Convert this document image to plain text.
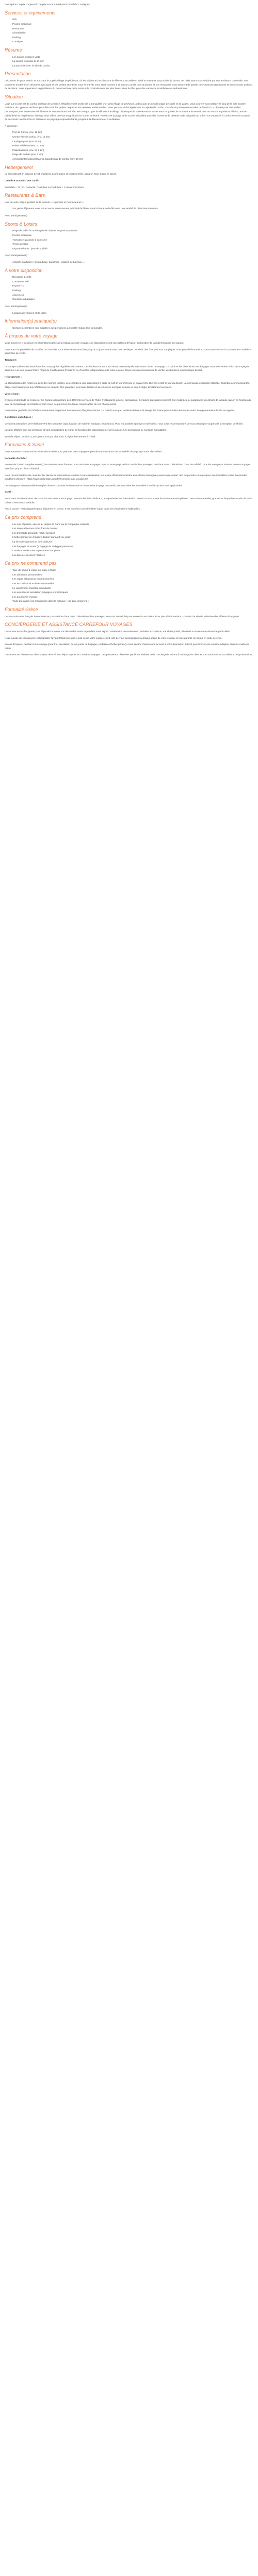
Description Ce prix comprend : Ce prix ne comprend pas Formalités Consignes

Services et équipements
• Wifi
• Piscine extérieure
• Restaurant
• Climatisation
• Parking
• Consigne
Résumé
• Les grands espaces verts
• La cuisine tropicale de la mer
• La proximité avec la ville de Corfou
Présentation

Découvrez le Ipsos Beach 3*! Au cœur d'un petit village de pêcheurs, où les oliviers et l'architecture de l'île vous accueillent, situé au calme et tout proche de la mer, cet hôtel saura vous séduire par son ambiance conviviale. Ses chambres modernes et décorées avec goût et ses petites attentions vous feront vite vous sentir comme à la maison, tandis que sa piscine et son restaurant vous assurent de passer des vacances reposantes et savoureuses au bord de la Grèce. Vous apprécierez la gentillesse du personnel aux petits soins et la proximité avec les plus beaux sites de l'île, pour des vacances inoubliables et authentiques.

Situation

Logé sur la côte Est de Corfou au large de la Grèce, l'établissement profite de la tranquillité d'un petit village de pêcheurs, à deux pas d'une jolie plage de sable et de galets. Vous pourrez vous balader le long de la côte bordée d'oliviers, de cyprès et de fleurs pour découvrir les petites criques et les tavernes traditionnelles. Vous pourrez visiter également la capitale de Corfou, classée au patrimoine mondial de l'UNESCO, réputée pour ses ruelles pittoresques, ses forteresses vénitiennes et son ambiance animée. Ne manquez pas de découvrir le village pittoresque de Paleokastritsa et ses eaux turquoise, le monastère de Pantokrator ou encore le palais Achilleion, ancien palais d'été de l'impératrice Sissi qui vous offrira une vue magnifique sur la mer Ionienne. Profitez de la plage et de sa mer cristalline pour des moments de détente et de baignade au soleil. Vos vacances à Corfou seront l'occasion de découvrir une île riche en histoire et en paysages époustouflants, propice à la découverte et à la détente.

À proximité :

• Port de Corfou (env. 12 km)
• Centre-ville de Corfou (env. 13 km)
• La plage Ipsos (env. 20 m)
• Palais Achilleion (env. 20 km)
• Palaiokastritsa (env. 21,6 km)
• Plage de Barbati (env. 7 km)
• Aéroport international Ioannis Kapodistrias de Corfou (env. 13 km)
Hébergement

Le Ipsos Beach 3* dispose de 63 chambres confortables et fonctionnelles, dans un style simple et épuré.

Chambre Standard vue Jardin

Superficie : 17 m² - Capacité : 2 adultes ou 2 adultes + 1 enfant maximum

Restaurants & Bars

Lors de votre séjour, profitez de la formule « Logement et Petit déjeuner ».

• Vos petits déjeuners vous seront servis au restaurant principal de l'hôtel sous la forme de buffet avec une variété de plats internationaux.

Avec participation ($) :

Sports & Loisirs
• Plage de sable fin aménagée de chaises longues et parasols
• Piscine extérieure
• Transats et parasols à la piscine
• Tennis de table
• Espace détente : jeux de société

Avec participation ($) :

• Activités nautiques : ski nautique, parachute, location de bateaux, ...
À votre disposition
• Réception 24h/24
• Connexion Wifi
• Espace TV
• Parking
• Ascenseur
• Consigne à bagages

Avec participation ($) :

• Location de voitures et de vélos
Information(s) pratique(s)
• Certaines chambres sont adaptées aux personnes à mobilité réduite (sur demande).
À propos de votre voyage

Vous trouverez ci-dessous les informations générales relatives à votre voyage. Les dispositions sont susceptibles d'évoluer en fonction de la réglementation en vigueur.

Vous aurez la possibilité de modifier ou d'annuler votre réservation sans frais jusqu'à 14 jours avant votre date de départ. Au-delà, des frais pourront s'appliquer. Pour plus d'informations, nous vous invitons à consulter les conditions générales de vente.

Transport :

Le transport aérien est assuré par des compagnies régulières ou charters. Les horaires de vol vous seront communiqués avec votre carnet de voyage. Le poids et les dimensions des bagages autorisés varient selon la compagnie aérienne. Les vols peuvent faire l'objet de modifications d'horaires ou d'escales indépendantes de notre volonté. Nous vous recommandons de vérifier vos horaires avant chaque départ.

Hébergement :

La classification des hôtels est celle des normes locales. Les chambres sont disponibles à partir de 14h le jour d'arrivée et doivent être libérées à 12h le jour du départ. Les demandes spéciales (lit bébé, chambres communicantes, étage) sont transmises aux hôtels mais ne peuvent être garanties. Les taxes locales et de séjour ne sont pas incluses et sont à régler directement sur place.

Votre séjour :

Il vous est demandé de respecter les horaires d'ouverture des différents services de l'hôtel (restaurants, piscine, animations). Certaines prestations peuvent être modifiées ou supprimées en dehors de la haute saison en fonction du taux de remplissage de l'établissement. Nous ne pourrons être tenus responsables de ces changements.

De manière générale, les hôtels et restaurants respectent des mesures d'hygiène strictes. Le port du masque, la distanciation et le lavage des mains peuvent être demandés selon la réglementation locale en vigueur.

Conditions spécifiques :

Certaines prestations de l'hôtel peuvent être payantes (spa, location de matériel nautique, excursions). Pour les activités sportives et de loisirs, nous vous recommandons de vous renseigner auprès de la réception de l'hôtel.

Les prix affichés sont par personne et sont susceptibles de varier en fonction des disponibilités et de la saison. Les promotions ne sont pas cumulables.

Taxe de séjour : environ 1,50 € par nuit et par chambre, à régler directement à l'hôtel.

Formalités & Santé

Vous trouverez ci-dessous les informations utiles pour préparer votre voyage et prendre connaissance des actualités du pays que vous allez visiter.

Formalité d'entrée :

Au sein de l'Union européenne (UE), les ressortissants français, sont autorisés à voyager dans un autre pays de l'UE munis d'un passeport ou d'une carte d'identité en cours de validité. Tous les voyageurs mineurs doivent voyager avec leur propre pièce d'identité.

Nous recommandons de consulter les dernières informations relatives à votre destination sur le site officiel du Ministère des Affaires étrangères avant votre départ, afin de prendre connaissance des formalités et des éventuelles conditions d'entrée : https://www.diplomatie.gouv.fr/fr/conseils-aux-voyageurs/

Les voyageurs de nationalité étrangère doivent consulter l'ambassade ou le consulat du pays concerné pour connaître les formalités d'entrée qui leur sont applicables.

Santé :

Nous vous recommandons de souscrire une assurance voyage couvrant les frais médicaux, le rapatriement et l'annulation. Pensez à vous munir de votre carte européenne d'assurance maladie, gratuite et disponible auprès de votre caisse d'assurance maladie.

Aucun vaccin n'est obligatoire pour séjourner en Grèce. Il est toutefois conseillé d'être à jour dans ses vaccinations habituelles.

Ce prix comprend
• Les vols réguliers, opérés au départ de Paris sur la compagnie indiquée
• Les taxes aériennes et les frais de dossier
• Les transferts aéroport / hôtel / aéroport
• L'hébergement en chambre double standard vue jardin
• La formule logement et petit déjeuner
• Les bagages en soute (1 bagage de 20 kg par personne)
• L'assistance de notre représentant sur place
• Les taxes et services hôteliers
Ce prix ne comprend pas
• Taxe de séjour à régler sur place à l'hôtel
• Les dépenses personnelles
• Les repas et boissons non mentionnés
• Les excursions et activités optionnelles
• Le supplément chambre individuelle
• Les assurances annulation, bagages et multirisques
• Les pourboires d'usage
• Toute prestation non mentionnée dans la rubrique « Ce prix comprend »
Formalité Grèce

Les ressortissants français doivent être en possession d'une carte d'identité ou d'un passeport en cours de validité pour se rendre en Grèce. Pour plus d'informations, consultez le site du Ministère des Affaires étrangères.

CONCIERGERIE ET ASSISTANCE CARREFOUR VOYAGES

Un service exclusif et gratuit pour répondre à toutes vos demandes avant et pendant votre séjour : réservation de restaurants, activités, excursions, transferts privés, billetterie ou toute autre demande particulière.

Notre équipe de conciergerie est joignable 7j/7 par téléphone, par e-mail ou via votre espace client, afin de vous accompagner à chaque étape de votre voyage et vous garantir un séjour en toute sérénité.

En cas d'imprévu pendant votre voyage (retard ou annulation de vol, perte de bagages, problème d'hébergement), notre service d'assistance se tient à votre disposition 24h/24 pour trouver une solution adaptée dans les meilleurs délais.

Ce service est réservé aux clients ayant réservé leur séjour auprès de Carrefour Voyages. Les prestations réservées par l'intermédiaire de la conciergerie restent à la charge du client et sont soumises aux conditions des prestataires.
